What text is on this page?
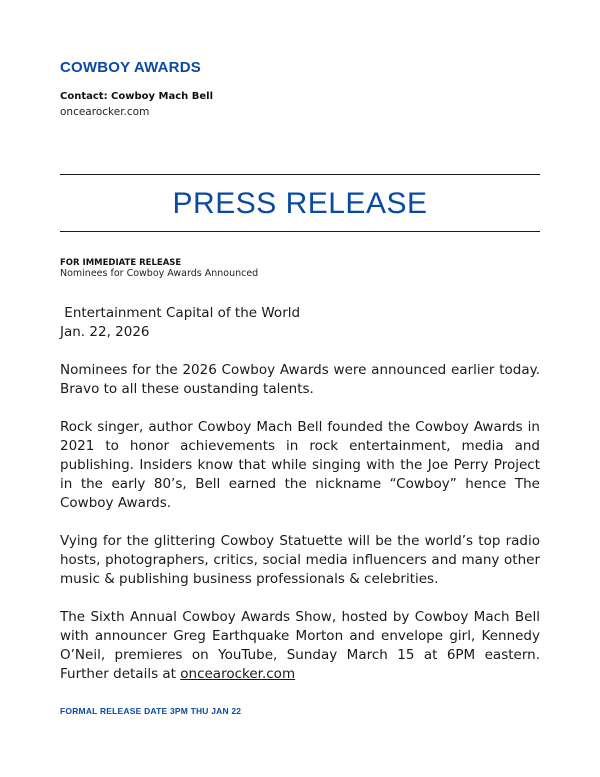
COWBOY AWARDS
Contact: Cowboy Mach Bell
oncearocker.com
PRESS RELEASE
FOR IMMEDIATE RELEASE
Nominees for Cowboy Awards Announced
Entertainment Capital of the World
Jan. 22, 2026

Nominees for the 2026 Cowboy Awards were announced earlier today. Bravo to all these oustanding talents.

Rock singer, author Cowboy Mach Bell founded the Cowboy Awards in 2021 to honor achievements in rock entertainment, media and publishing. Insiders know that while singing with the Joe Perry Project in the early 80’s, Bell earned the nickname “Cowboy” hence The Cowboy Awards.

Vying for the glittering Cowboy Statuette will be the world’s top radio hosts, photographers, critics, social media influencers and many other music & publishing business professionals & celebrities.

The Sixth Annual Cowboy Awards Show, hosted by Cowboy Mach Bell with announcer Greg Earthquake Morton and envelope girl, Kennedy O’Neil, premieres on YouTube, Sunday March 15 at 6PM eastern. Further details at oncearocker.com

FORMAL RELEASE DATE 3PM THU JAN 22
